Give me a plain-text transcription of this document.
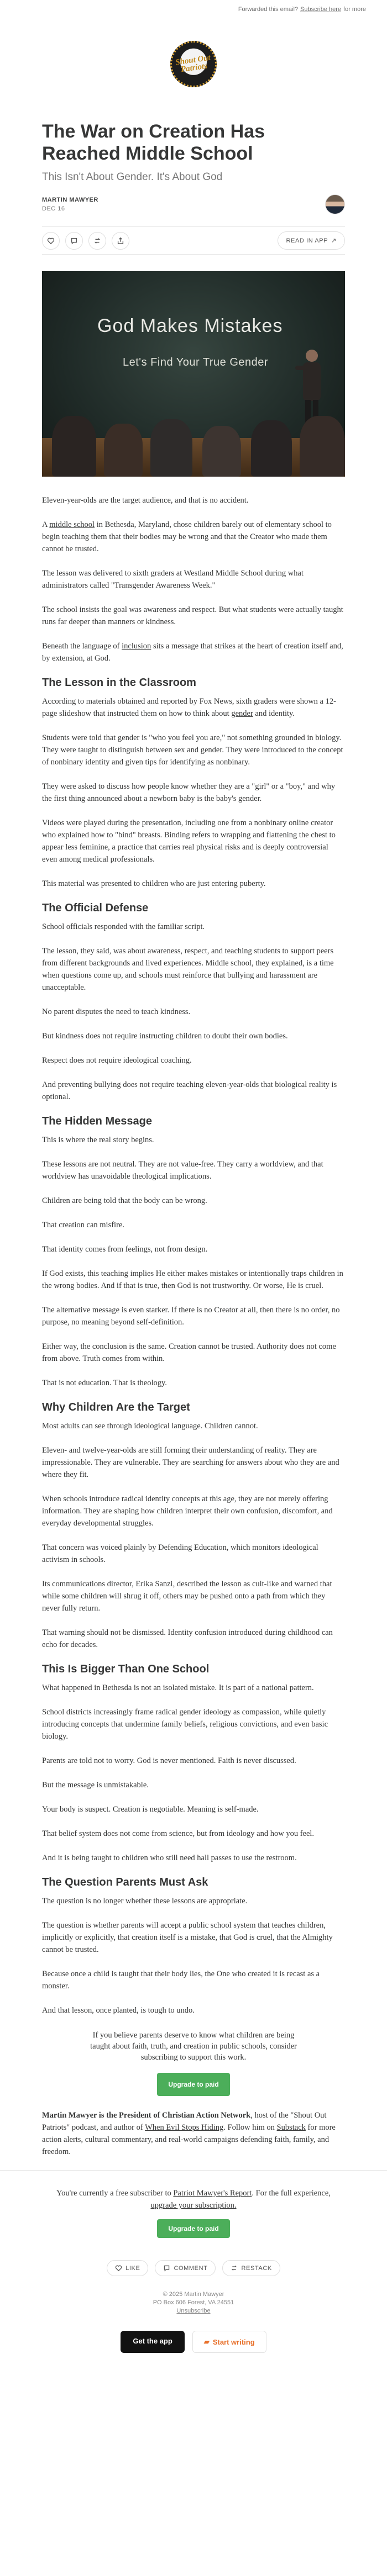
Forwarded this email? Subscribe here for more
Shout Out Patriots
The War on Creation Has Reached Middle School
This Isn't About Gender. It's About God
MARTIN MAWYER
DEC 16
READ IN APP ↗
God Makes Mistakes
Let's Find Your True Gender

Eleven-year-olds are the target audience, and that is no accident.

A middle school in Bethesda, Maryland, chose children barely out of elementary school to begin teaching them that their bodies may be wrong and that the Creator who made them cannot be trusted.

The lesson was delivered to sixth graders at Westland Middle School during what administrators called "Transgender Awareness Week."

The school insists the goal was awareness and respect. But what students were actually taught runs far deeper than manners or kindness.

Beneath the language of inclusion sits a message that strikes at the heart of creation itself and, by extension, at God.

The Lesson in the Classroom

According to materials obtained and reported by Fox News, sixth graders were shown a 12-page slideshow that instructed them on how to think about gender and identity.

Students were told that gender is "who you feel you are," not something grounded in biology. They were taught to distinguish between sex and gender. They were introduced to the concept of nonbinary identity and given tips for identifying as nonbinary.

They were asked to discuss how people know whether they are a "girl" or a "boy," and why the first thing announced about a newborn baby is the baby's gender.

Videos were played during the presentation, including one from a nonbinary online creator who explained how to "bind" breasts. Binding refers to wrapping and flattening the chest to appear less feminine, a practice that carries real physical risks and is deeply controversial even among medical professionals.

This material was presented to children who are just entering puberty.

The Official Defense

School officials responded with the familiar script.

The lesson, they said, was about awareness, respect, and teaching students to support peers from different backgrounds and lived experiences. Middle school, they explained, is a time when questions come up, and schools must reinforce that bullying and harassment are unacceptable.

No parent disputes the need to teach kindness.

But kindness does not require instructing children to doubt their own bodies.

Respect does not require ideological coaching.

And preventing bullying does not require teaching eleven-year-olds that biological reality is optional.

The Hidden Message

This is where the real story begins.

These lessons are not neutral. They are not value-free. They carry a worldview, and that worldview has unavoidable theological implications.

Children are being told that the body can be wrong.

That creation can misfire.

That identity comes from feelings, not from design.

If God exists, this teaching implies He either makes mistakes or intentionally traps children in the wrong bodies. And if that is true, then God is not trustworthy. Or worse, He is cruel.

The alternative message is even starker. If there is no Creator at all, then there is no order, no purpose, no meaning beyond self-definition.

Either way, the conclusion is the same. Creation cannot be trusted. Authority does not come from above. Truth comes from within.

That is not education. That is theology.

Why Children Are the Target

Most adults can see through ideological language. Children cannot.

Eleven- and twelve-year-olds are still forming their understanding of reality. They are impressionable. They are vulnerable. They are searching for answers about who they are and where they fit.

When schools introduce radical identity concepts at this age, they are not merely offering information. They are shaping how children interpret their own confusion, discomfort, and everyday developmental struggles.

That concern was voiced plainly by Defending Education, which monitors ideological activism in schools.

Its communications director, Erika Sanzi, described the lesson as cult-like and warned that while some children will shrug it off, others may be pushed onto a path from which they never fully return.

That warning should not be dismissed. Identity confusion introduced during childhood can echo for decades.

This Is Bigger Than One School

What happened in Bethesda is not an isolated mistake. It is part of a national pattern.

School districts increasingly frame radical gender ideology as compassion, while quietly introducing concepts that undermine family beliefs, religious convictions, and even basic biology.

Parents are told not to worry. God is never mentioned. Faith is never discussed.

But the message is unmistakable.

Your body is suspect. Creation is negotiable. Meaning is self-made.

That belief system does not come from science, but from ideology and how you feel.

And it is being taught to children who still need hall passes to use the restroom.

The Question Parents Must Ask

The question is no longer whether these lessons are appropriate.

The question is whether parents will accept a public school system that teaches children, implicitly or explicitly, that creation itself is a mistake, that God is cruel, that the Almighty cannot be trusted.

Because once a child is taught that their body lies, the One who created it is recast as a monster.

And that lesson, once planted, is tough to undo.

If you believe parents deserve to know what children are being taught about faith, truth, and creation in public schools, consider subscribing to support this work.

Upgrade to paid

Martin Mawyer is the President of Christian Action Network, host of the "Shout Out Patriots" podcast, and author of When Evil Stops Hiding. Follow him on Substack for more action alerts, cultural commentary, and real-world campaigns defending faith, family, and freedom.

You're currently a free subscriber to Patriot Mawyer's Report. For the full experience, upgrade your subscription.
Upgrade to paid
LIKE	COMMENT	RESTACK
© 2025 Martin Mawyer
PO Box 606 Forest, VA 24551
Unsubscribe
Get the app	▰ Start writing
